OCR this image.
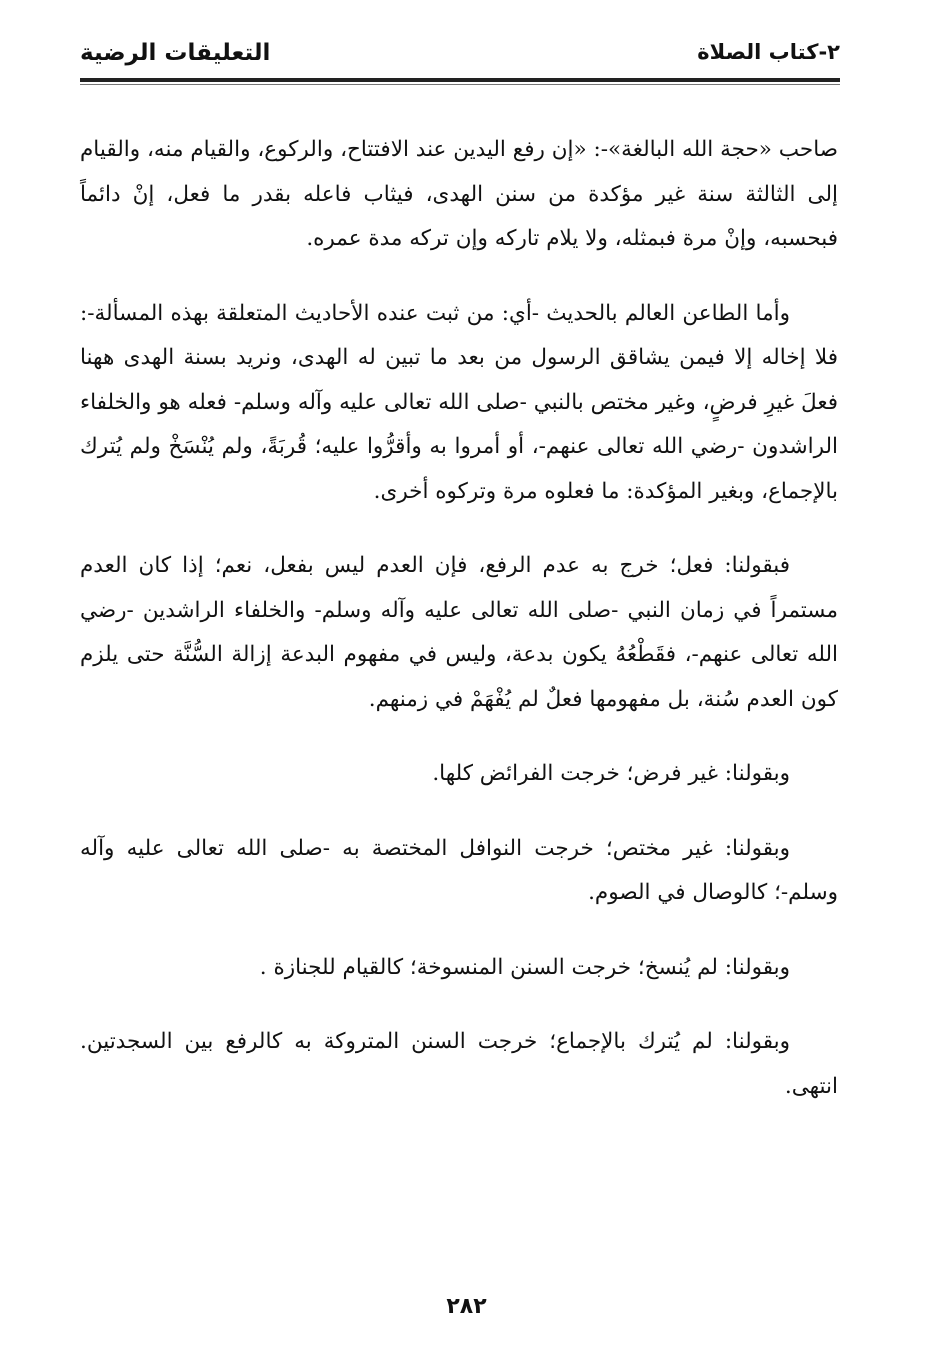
٢-كتاب الصلاة
التعليقات الرضية

صاحب «حجة الله البالغة»-: «إن رفع اليدين عند الافتتاح، والركوع، والقيام منه، والقيام إلى الثالثة سنة غير مؤكدة من سنن الهدى، فيثاب فاعله بقدر ما فعل، إنْ دائماً فبحسبه، وإنْ مرة فبمثله، ولا يلام تاركه وإن تركه مدة عمره.

وأما الطاعن العالم بالحديث -أي: من ثبت عنده الأحاديث المتعلقة بهذه المسألة-: فلا إخاله إلا فيمن يشاقق الرسول من بعد ما تبين له الهدى، ونريد بسنة الهدى ههنا فعلَ غيرِ فرضٍ، وغير مختص بالنبي -صلى الله تعالى عليه وآله وسلم- فعله هو والخلفاء الراشدون -رضي الله تعالى عنهم-، أو أمروا به وأقرُّوا عليه؛ قُربَةً، ولم يُنْسَخْ ولم يُترك بالإجماع، وبغير المؤكدة: ما فعلوه مرة وتركوه أخرى.

فبقولنا: فعل؛ خرج به عدم الرفع، فإن العدم ليس بفعل، نعم؛ إذا كان العدم مستمراً في زمان النبي -صلى الله تعالى عليه وآله وسلم- والخلفاء الراشدين -رضي الله تعالى عنهم-، فقَطْعُهُ يكون بدعة، وليس في مفهوم البدعة إزالة السُّنَّة حتى يلزم كون العدم سُنة، بل مفهومها فعلٌ لم يُفْهَمْ في زمنهم.

وبقولنا: غير فرض؛ خرجت الفرائض كلها.

وبقولنا: غير مختص؛ خرجت النوافل المختصة به -صلى الله تعالى عليه وآله وسلم-؛ كالوصال في الصوم.

وبقولنا: لم يُنسخ؛ خرجت السنن المنسوخة؛ كالقيام للجنازة .

وبقولنا: لم يُترك بالإجماع؛ خرجت السنن المتروكة به كالرفع بين السجدتين. انتهى.

٢٨٢
